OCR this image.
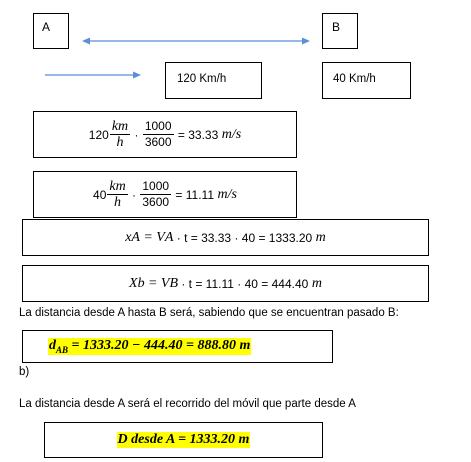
A	B
120 Km/h	40 Km/h
$120 \frac{km}{h} \cdot \frac{1000}{3600}$
= 33.33
m/s
$40 \frac{km}{h} \cdot \frac{1000}{3600}$
= 11.11
m/s
x A
= V A
· t = 33.33 · 40 = 1333.20
m
X b
= V B
· t = 11.11 · 40 = 444.40
m
La distancia desde A hasta B será, sabiendo que se encuentran pasado B:
$d_{AB} = 1333.20 - 444.40 = 888.80$ m
b)
La distancia desde A será el recorrido del móvil que parte desde A
D desde A = 1333.20 m
